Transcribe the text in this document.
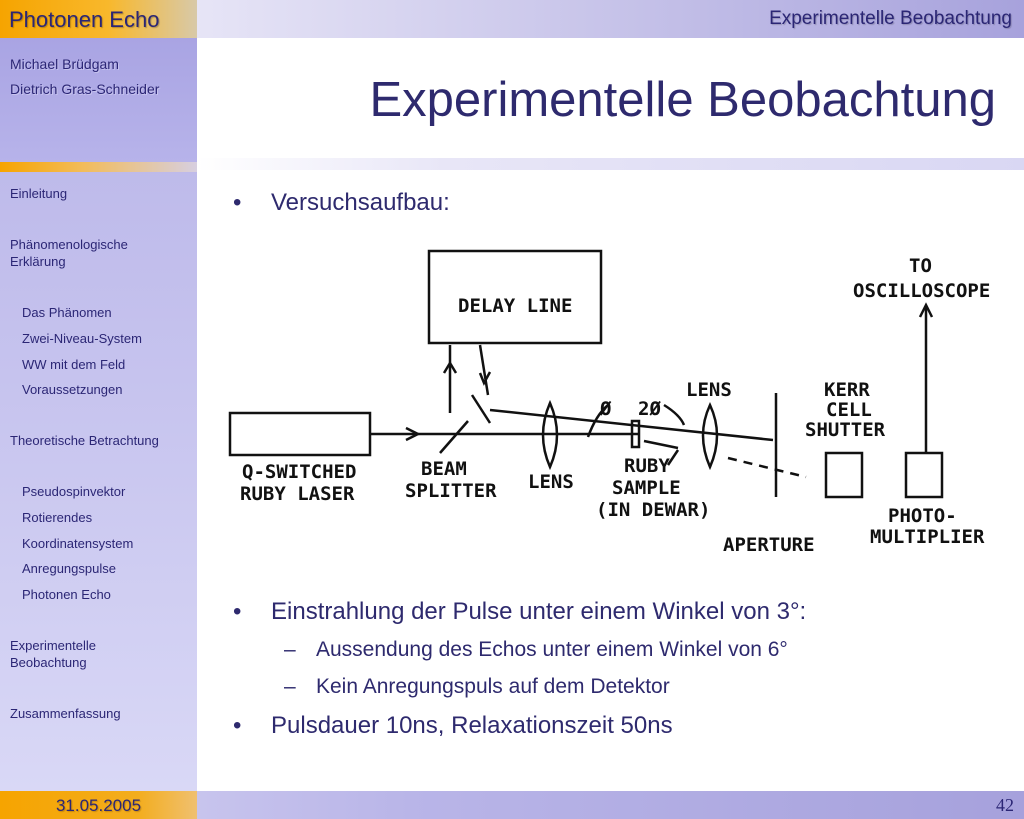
Photonen Echo	Experimentelle Beobachtung
Michael Brüdgam
Dietrich Gras-Schneider
Einleitung
Phänomenologische Erklärung
Das Phänomen
Zwei-Niveau-System
WW mit dem Feld
Voraussetzungen
Theoretische Betrachtung
Pseudospinvektor
Rotierendes
Koordinatensystem
Anregungspulse
Photonen Echo
Experimentelle Beobachtung
Zusammenfassung
Experimentelle Beobachtung
• Versuchsaufbau:
DELAY LINE
TO
OSCILLOSCOPE
Q-SWITCHED
RUBY LASER
BEAM
SPLITTER LENS
LENS
Ø 2Ø
RUBY
SAMPLE
(IN DEWAR)
KERR
CELL
SHUTTER
PHOTO-
MULTIPLIER
APERTURE
• Einstrahlung der Pulse unter einem Winkel von 3°:
– Aussendung des Echos unter einem Winkel von 6°
– Kein Anregungspuls auf dem Detektor
• Pulsdauer 10ns, Relaxationszeit 50ns
31.05.2005	42
